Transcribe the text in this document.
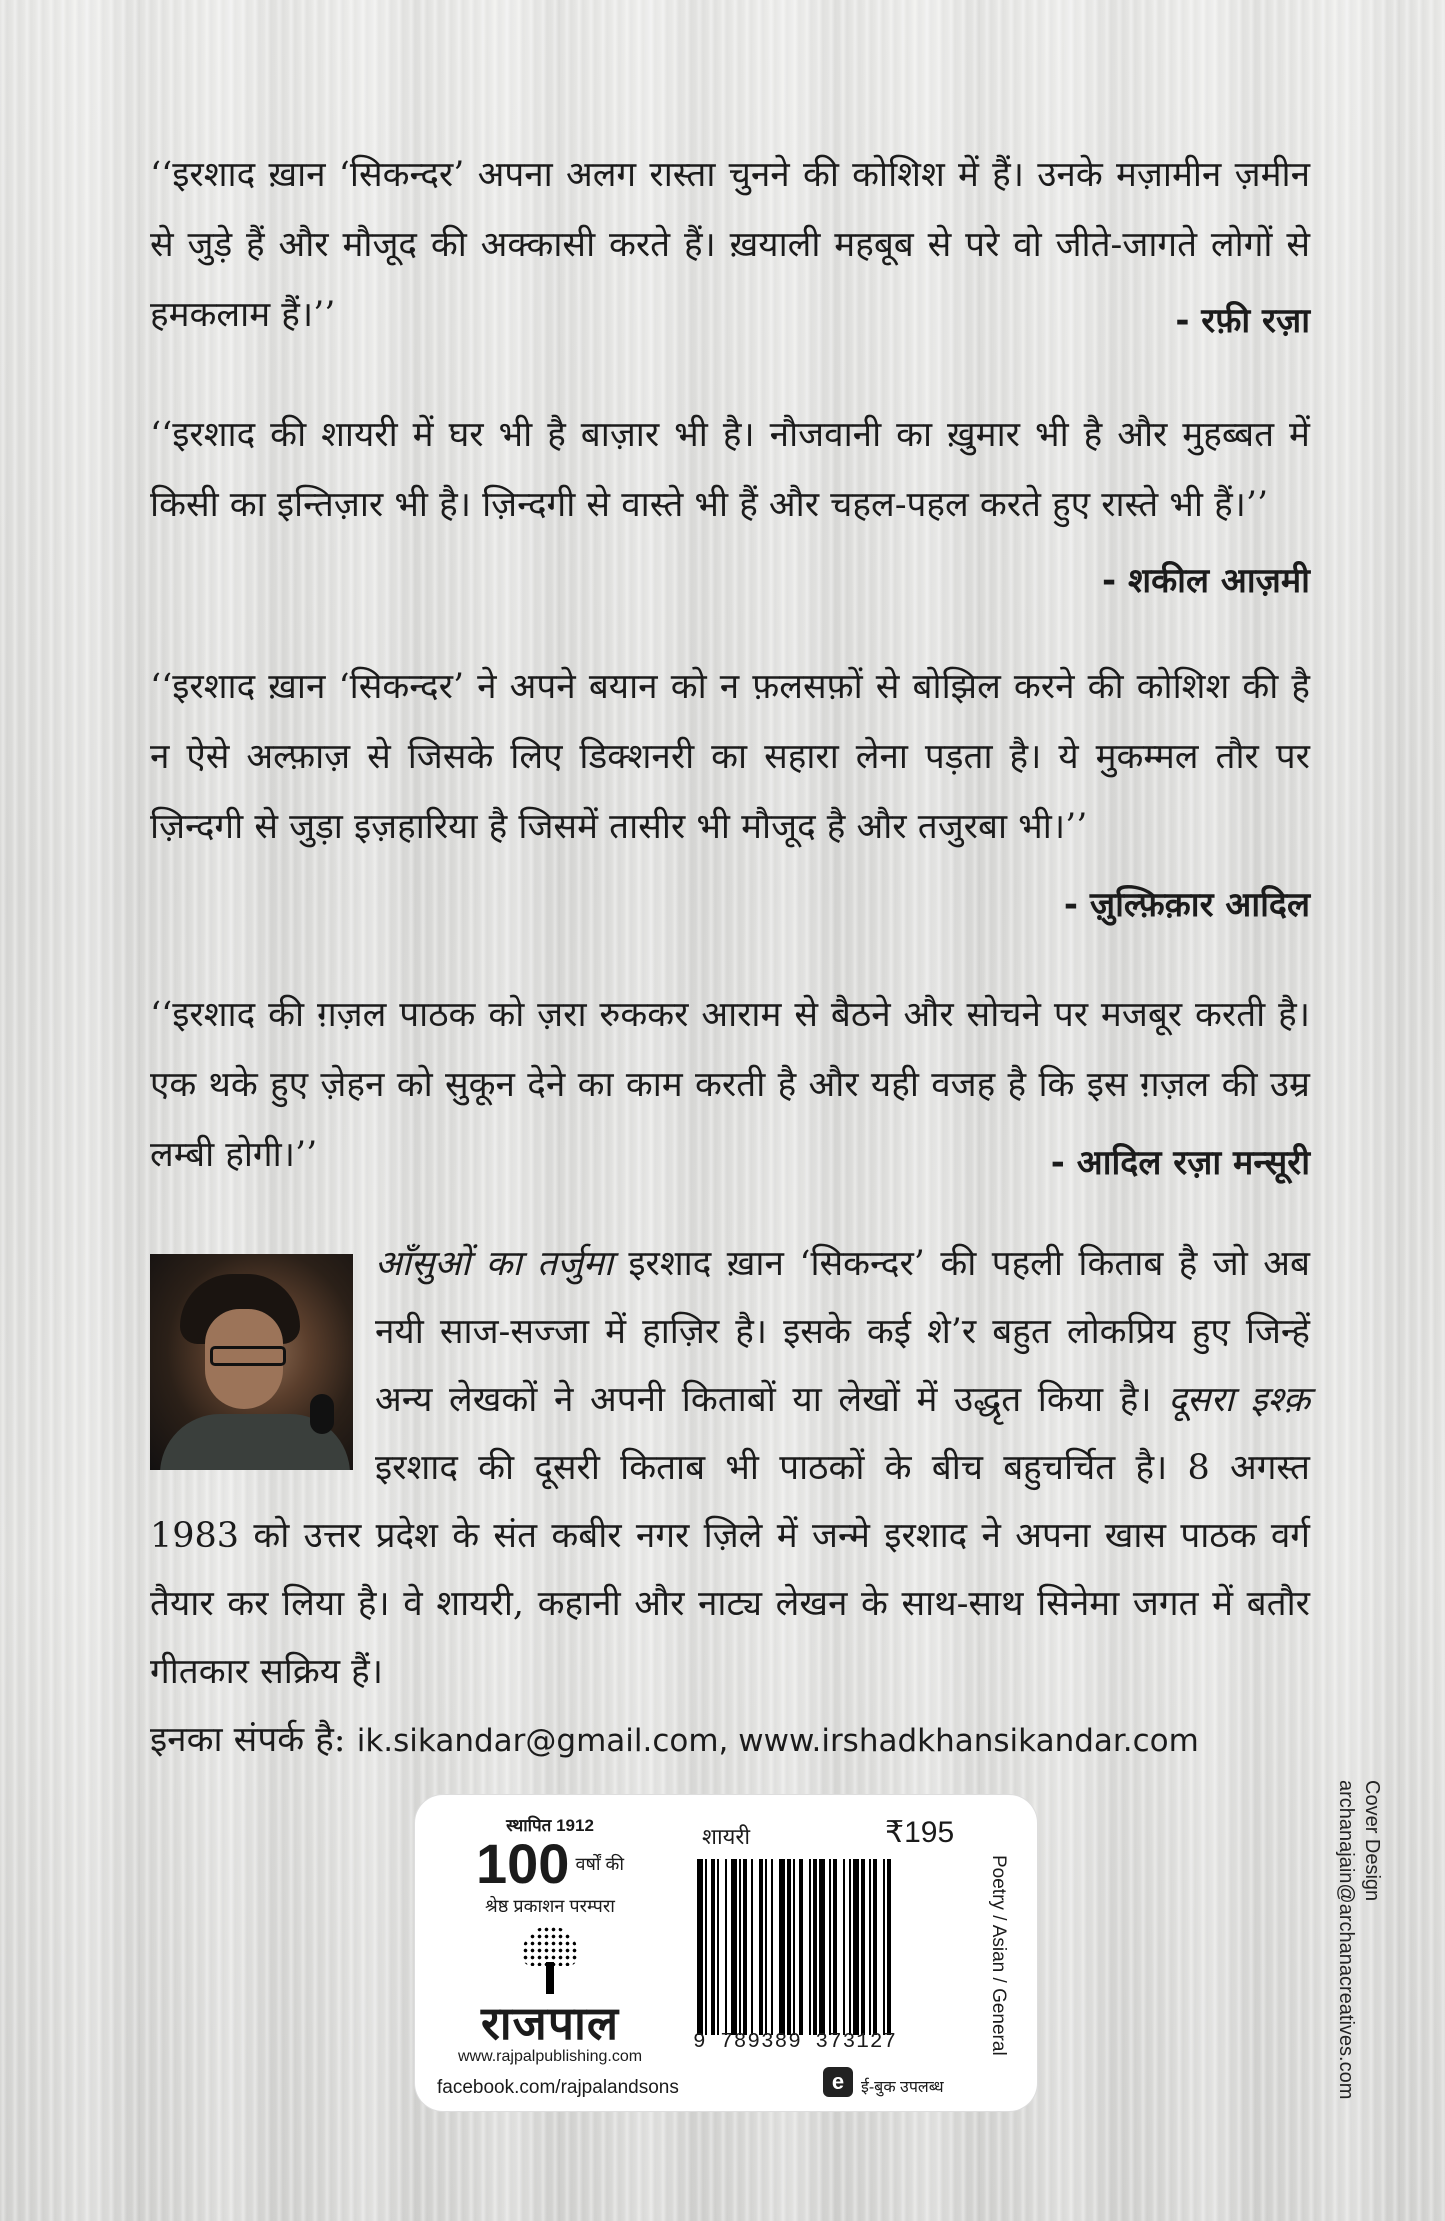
‘‘इरशाद ख़ान ‘सिकन्दर’ अपना अलग रास्ता चुनने की कोशिश में हैं। उनके मज़ामीन ज़मीन से जुड़े हैं और मौजूद की अक्कासी करते हैं। ख़याली महबूब से परे वो जीते-जागते लोगों से हमकलाम हैं।’’	- रफ़ी रज़ा
‘‘इरशाद की शायरी में घर भी है बाज़ार भी है। नौजवानी का ख़ुमार भी है और मुहब्बत में किसी का इन्तिज़ार भी है। ज़िन्दगी से वास्ते भी हैं और चहल-पहल करते हुए रास्ते भी हैं।’’
- शकील आज़मी
‘‘इरशाद ख़ान ‘सिकन्दर’ ने अपने बयान को न फ़लसफ़ों से बोझिल करने की कोशिश की है न ऐसे अल्फ़ाज़ से जिसके लिए डिक्शनरी का सहारा लेना पड़ता है। ये मुकम्मल तौर पर ज़िन्दगी से जुड़ा इज़हारिया है जिसमें तासीर भी मौजूद है और तजुरबा भी।’’
- ज़ुल्फ़िक़ार आदिल
‘‘इरशाद की ग़ज़ल पाठक को ज़रा रुककर आराम से बैठने और सोचने पर मजबूर करती है। एक थके हुए ज़ेहन को सुकून देने का काम करती है और यही वजह है कि इस ग़ज़ल की उम्र लम्बी होगी।’’	- आदिल रज़ा मन्सूरी
आँसुओं का तर्जुमा इरशाद ख़ान ‘सिकन्दर’ की पहली किताब है जो अब नयी साज-सज्जा में हाज़िर है। इसके कई शे’र बहुत लोकप्रिय हुए जिन्हें अन्य लेखकों ने अपनी किताबों या लेखों में उद्धृत किया है। दूसरा इश्क़ इरशाद की दूसरी किताब भी पाठकों के बीच बहुचर्चित है। 8 अगस्त 1983 को उत्तर प्रदेश के संत कबीर नगर ज़िले में जन्मे इरशाद ने अपना खास पाठक वर्ग तैयार कर लिया है। वे शायरी, कहानी और नाट्य लेखन के साथ-साथ सिनेमा जगत में बतौर गीतकार सक्रिय हैं।
इनका संपर्क है: ik.sikandar@gmail.com, www.irshadkhansikandar.com
Cover Design
archanajain@archanacreatives.com
स्थापित 1912
100 वर्षों की
श्रेष्ठ प्रकाशन परम्परा
राजपाल
www.rajpalpublishing.com
facebook.com/rajpalandsons
शायरी	₹195
9 789389 373127
e	ई-बुक उपलब्ध
Poetry / Asian / General
